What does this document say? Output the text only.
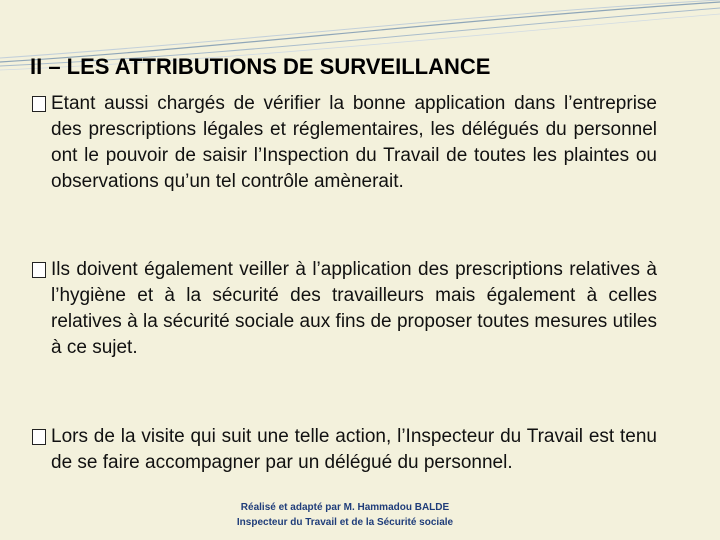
II – LES ATTRIBUTIONS DE SURVEILLANCE
Etant aussi chargés de vérifier la bonne application dans l’entreprise des prescriptions légales et réglementaires, les délégués du personnel ont le pouvoir de saisir l’Inspection du Travail de toutes les plaintes ou observations qu’un tel contrôle amènerait.
Ils doivent également veiller à l’application des prescriptions relatives à l’hygiène et à la sécurité des travailleurs mais également à celles relatives à la sécurité sociale aux fins de proposer toutes mesures utiles à ce sujet.
Lors de la visite qui suit une telle action, l’Inspecteur du Travail est tenu de se faire accompagner par un délégué du personnel.
Réalisé et adapté par M. Hammadou BALDE
Inspecteur du Travail et de la Sécurité sociale
